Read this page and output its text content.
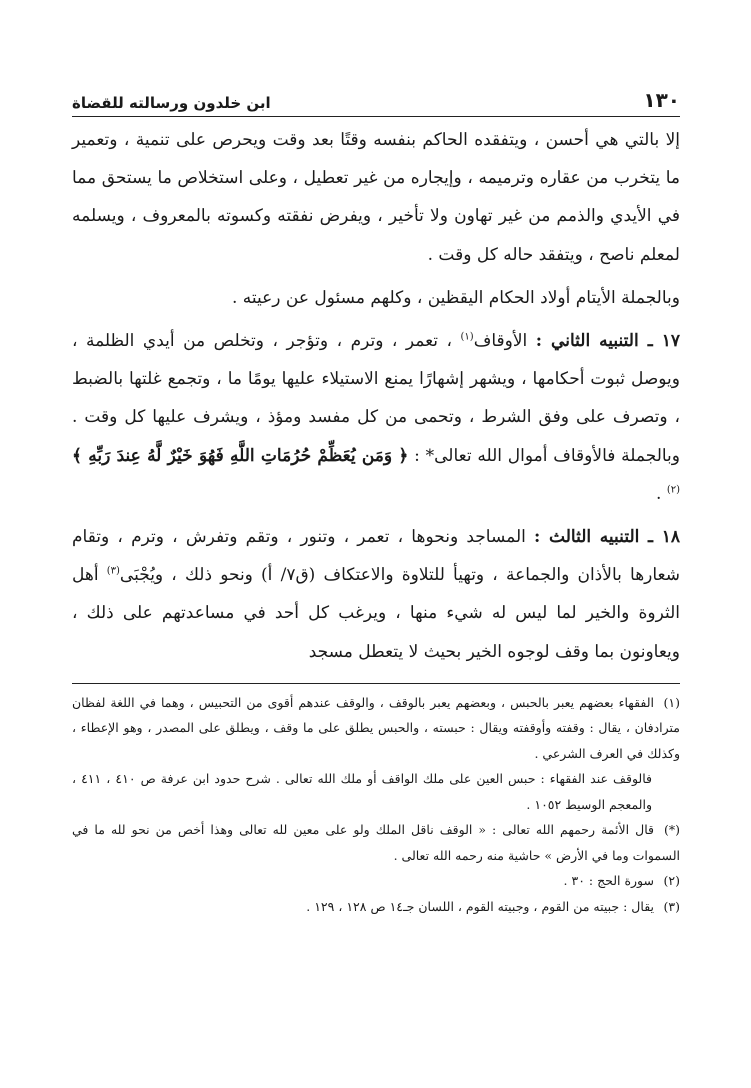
١٣٠
ابن خلدون ورسالته للقضاة

إلا بالتي هي أحسن ، ويتفقده الحاكم بنفسه وقتًا بعد وقت ويحرص على تنمية ، وتعمير ما يتخرب من عقاره وترميمه ، وإيجاره من غير تعطيل ، وعلى استخلاص ما يستحق مما في الأيدي والذمم من غير تهاون ولا تأخير ، ويفرض نفقته وكسوته بالمعروف ، ويسلمه لمعلم ناصح ، ويتفقد حاله كل وقت .

وبالجملة الأيتام أولاد الحكام اليقظين ، وكلهم مسئول عن رعيته .

١٧ ـ التنبيه الثاني : الأوقاف$^{(١)}$ ، تعمر ، وترم ، وتؤجر ، وتخلص من أيدي الظلمة ، ويوصل ثبوت أحكامها ، ويشهر إشهارًا يمنع الاستيلاء عليها يومًا ما ، وتجمع غلتها بالضبط ، وتصرف على وفق الشرط ، وتحمى من كل مفسد ومؤذ ، ويشرف عليها كل وقت . وبالجملة فالأوقاف أموال الله تعالى* : ﴿ وَمَن يُعَظِّمْ حُرُمَاتِ اللَّهِ فَهُوَ خَيْرٌ لَّهُ عِندَ رَبِّهِ ﴾$^{(٢)}$ .

١٨ ـ التنبيه الثالث : المساجد ونحوها ، تعمر ، وتنور ، وتقم وتفرش ، وترم ، وتقام شعارها بالأذان والجماعة ، وتهيأ للتلاوة والاعتكاف (ق٧/ أ) ونحو ذلك ، ويُجْبَى$^{(٣)}$ أهل الثروة والخير لما ليس له شيء منها ، ويرغب كل أحد في مساعدتهم على ذلك ، ويعاونون بما وقف لوجوه الخير بحيث لا يتعطل مسجد

(١)الفقهاء بعضهم يعبر بالحبس ، وبعضهم يعبر بالوقف ، والوقف عندهم أقوى من التحبيس ، وهما في اللغة لفظان مترادفان ، يقال : وقفته وأوقفته ويقال : حبسته ، والحبس يطلق على ما وقف ، ويطلق على المصدر ، وهو الإعطاء ، وكذلك في العرف الشرعي .

فالوقف عند الفقهاء : حبس العين على ملك الواقف أو ملك الله تعالى . شرح حدود ابن عرفة ص ٤١٠ ، ٤١١ ، والمعجم الوسيط ١٠٥٢ .

(*)قال الأئمة رحمهم الله تعالى : « الوقف ناقل الملك ولو على معين لله تعالى وهذا أخص من نحو لله ما في السموات وما في الأرض » حاشية منه رحمه الله تعالى .

(٢)سورة الحج : ٣٠ .

(٣)يقال : جبيته من القوم ، وجبيته القوم ، اللسان جـ١٤ ص ١٢٨ ، ١٢٩ .
